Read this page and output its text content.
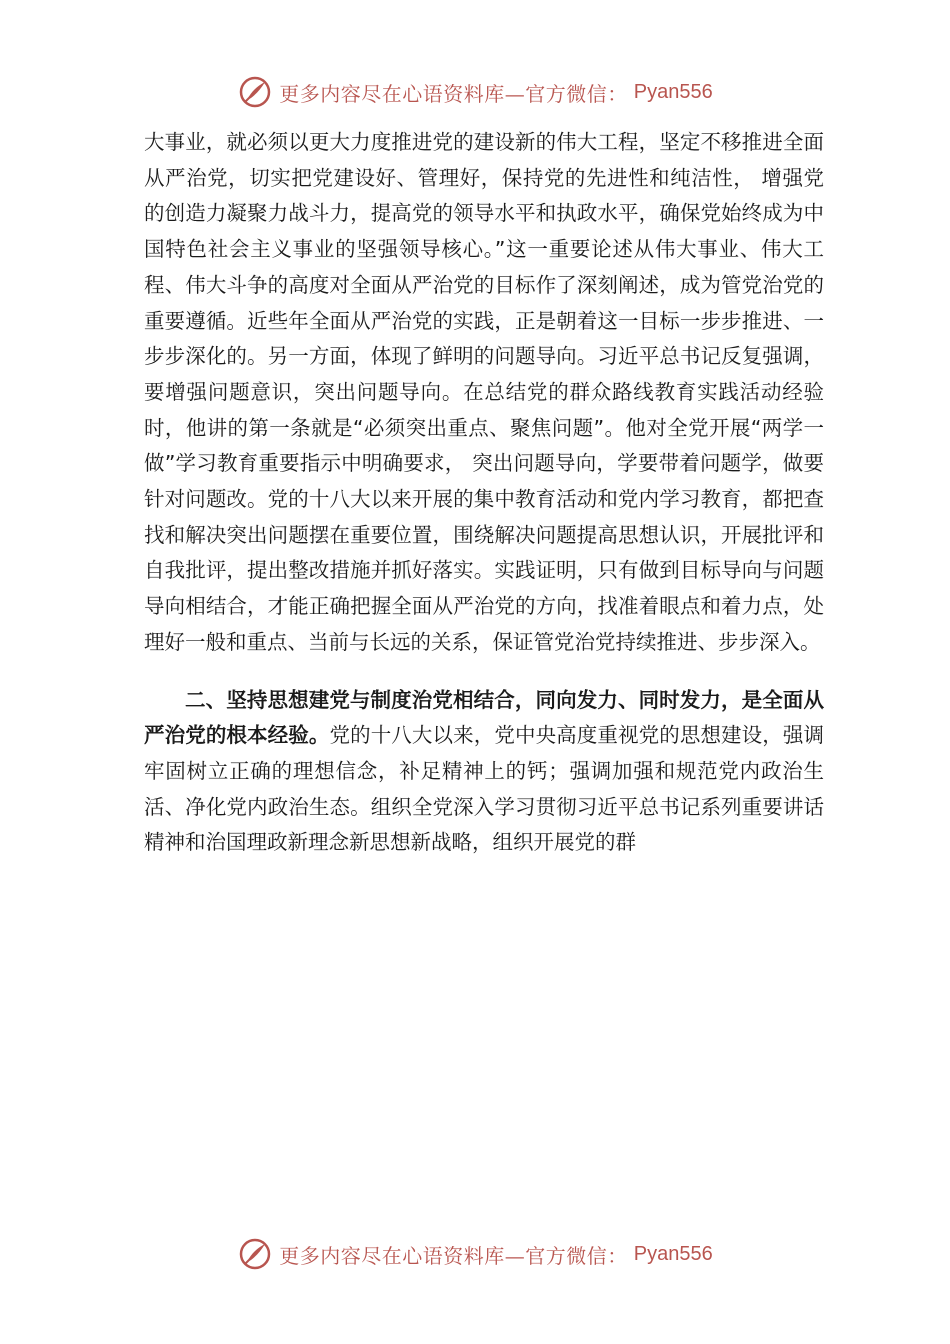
更多内容尽在心语资料库—官方微信： Pyan556

大事业，就必须以更大力度推进党的建设新的伟大工程，坚定不移推进全面从严治党，切实把党建设好、管理好，保持党的先进性和纯洁性， 增强党的创造力凝聚力战斗力，提高党的领导水平和执政水平，确保党始终成为中国特色社会主义事业的坚强领导核心。”这一重要论述从伟大事业、伟大工程、伟大斗争的高度对全面从严治党的目标作了深刻阐述，成为管党治党的重要遵循。近些年全面从严治党的实践，正是朝着这一目标一步步推进、一步步深化的。另一方面，体现了鲜明的问题导向。习近平总书记反复强调，要增强问题意识，突出问题导向。在总结党的群众路线教育实践活动经验时，他讲的第一条就是“必须突出重点、聚焦问题”。他对全党开展“两学一做”学习教育重要指示中明确要求， 突出问题导向，学要带着问题学，做要针对问题改。党的十八大以来开展的集中教育活动和党内学习教育，都把查找和解决突出问题摆在重要位置，围绕解决问题提高思想认识，开展批评和自我批评，提出整改措施并抓好落实。实践证明，只有做到目标导向与问题导向相结合，才能正确把握全面从严治党的方向，找准着眼点和着力点，处理好一般和重点、当前与长远的关系，保证管党治党持续推进、步步深入。

二、坚持思想建党与制度治党相结合，同向发力、同时发力，是全面从严治党的根本经验。党的十八大以来，党中央高度重视党的思想建设，强调牢固树立正确的理想信念，补足精神上的钙；强调加强和规范党内政治生活、净化党内政治生态。组织全党深入学习贯彻习近平总书记系列重要讲话精神和治国理政新理念新思想新战略，组织开展党的群

更多内容尽在心语资料库—官方微信： Pyan556
